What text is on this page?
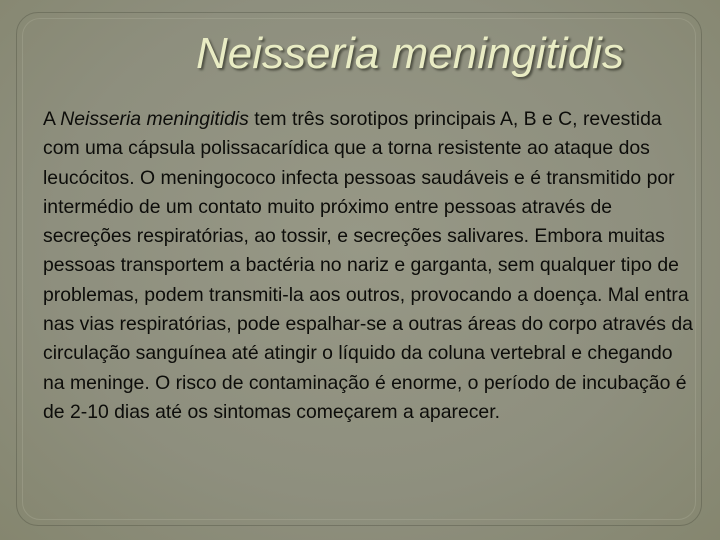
Neisseria meningitidis

A Neisseria meningitidis tem três sorotipos principais A, B e C, revestida com uma cápsula polissacarídica que a torna resistente ao ataque dos leucócitos. O meningococo infecta pessoas saudáveis e é transmitido por intermédio de um contato muito próximo entre pessoas através de secreções respiratórias, ao tossir, e secreções salivares. Embora muitas pessoas transportem a bactéria no nariz e garganta, sem qualquer tipo de problemas, podem transmiti-la aos outros, provocando a doença. Mal entra nas vias respiratórias, pode espalhar-se a outras áreas do corpo através da circulação sanguínea até atingir o líquido da coluna vertebral e chegando na meninge. O risco de contaminação é enorme, o período de incubação é de 2-10 dias até os sintomas começarem a aparecer.
